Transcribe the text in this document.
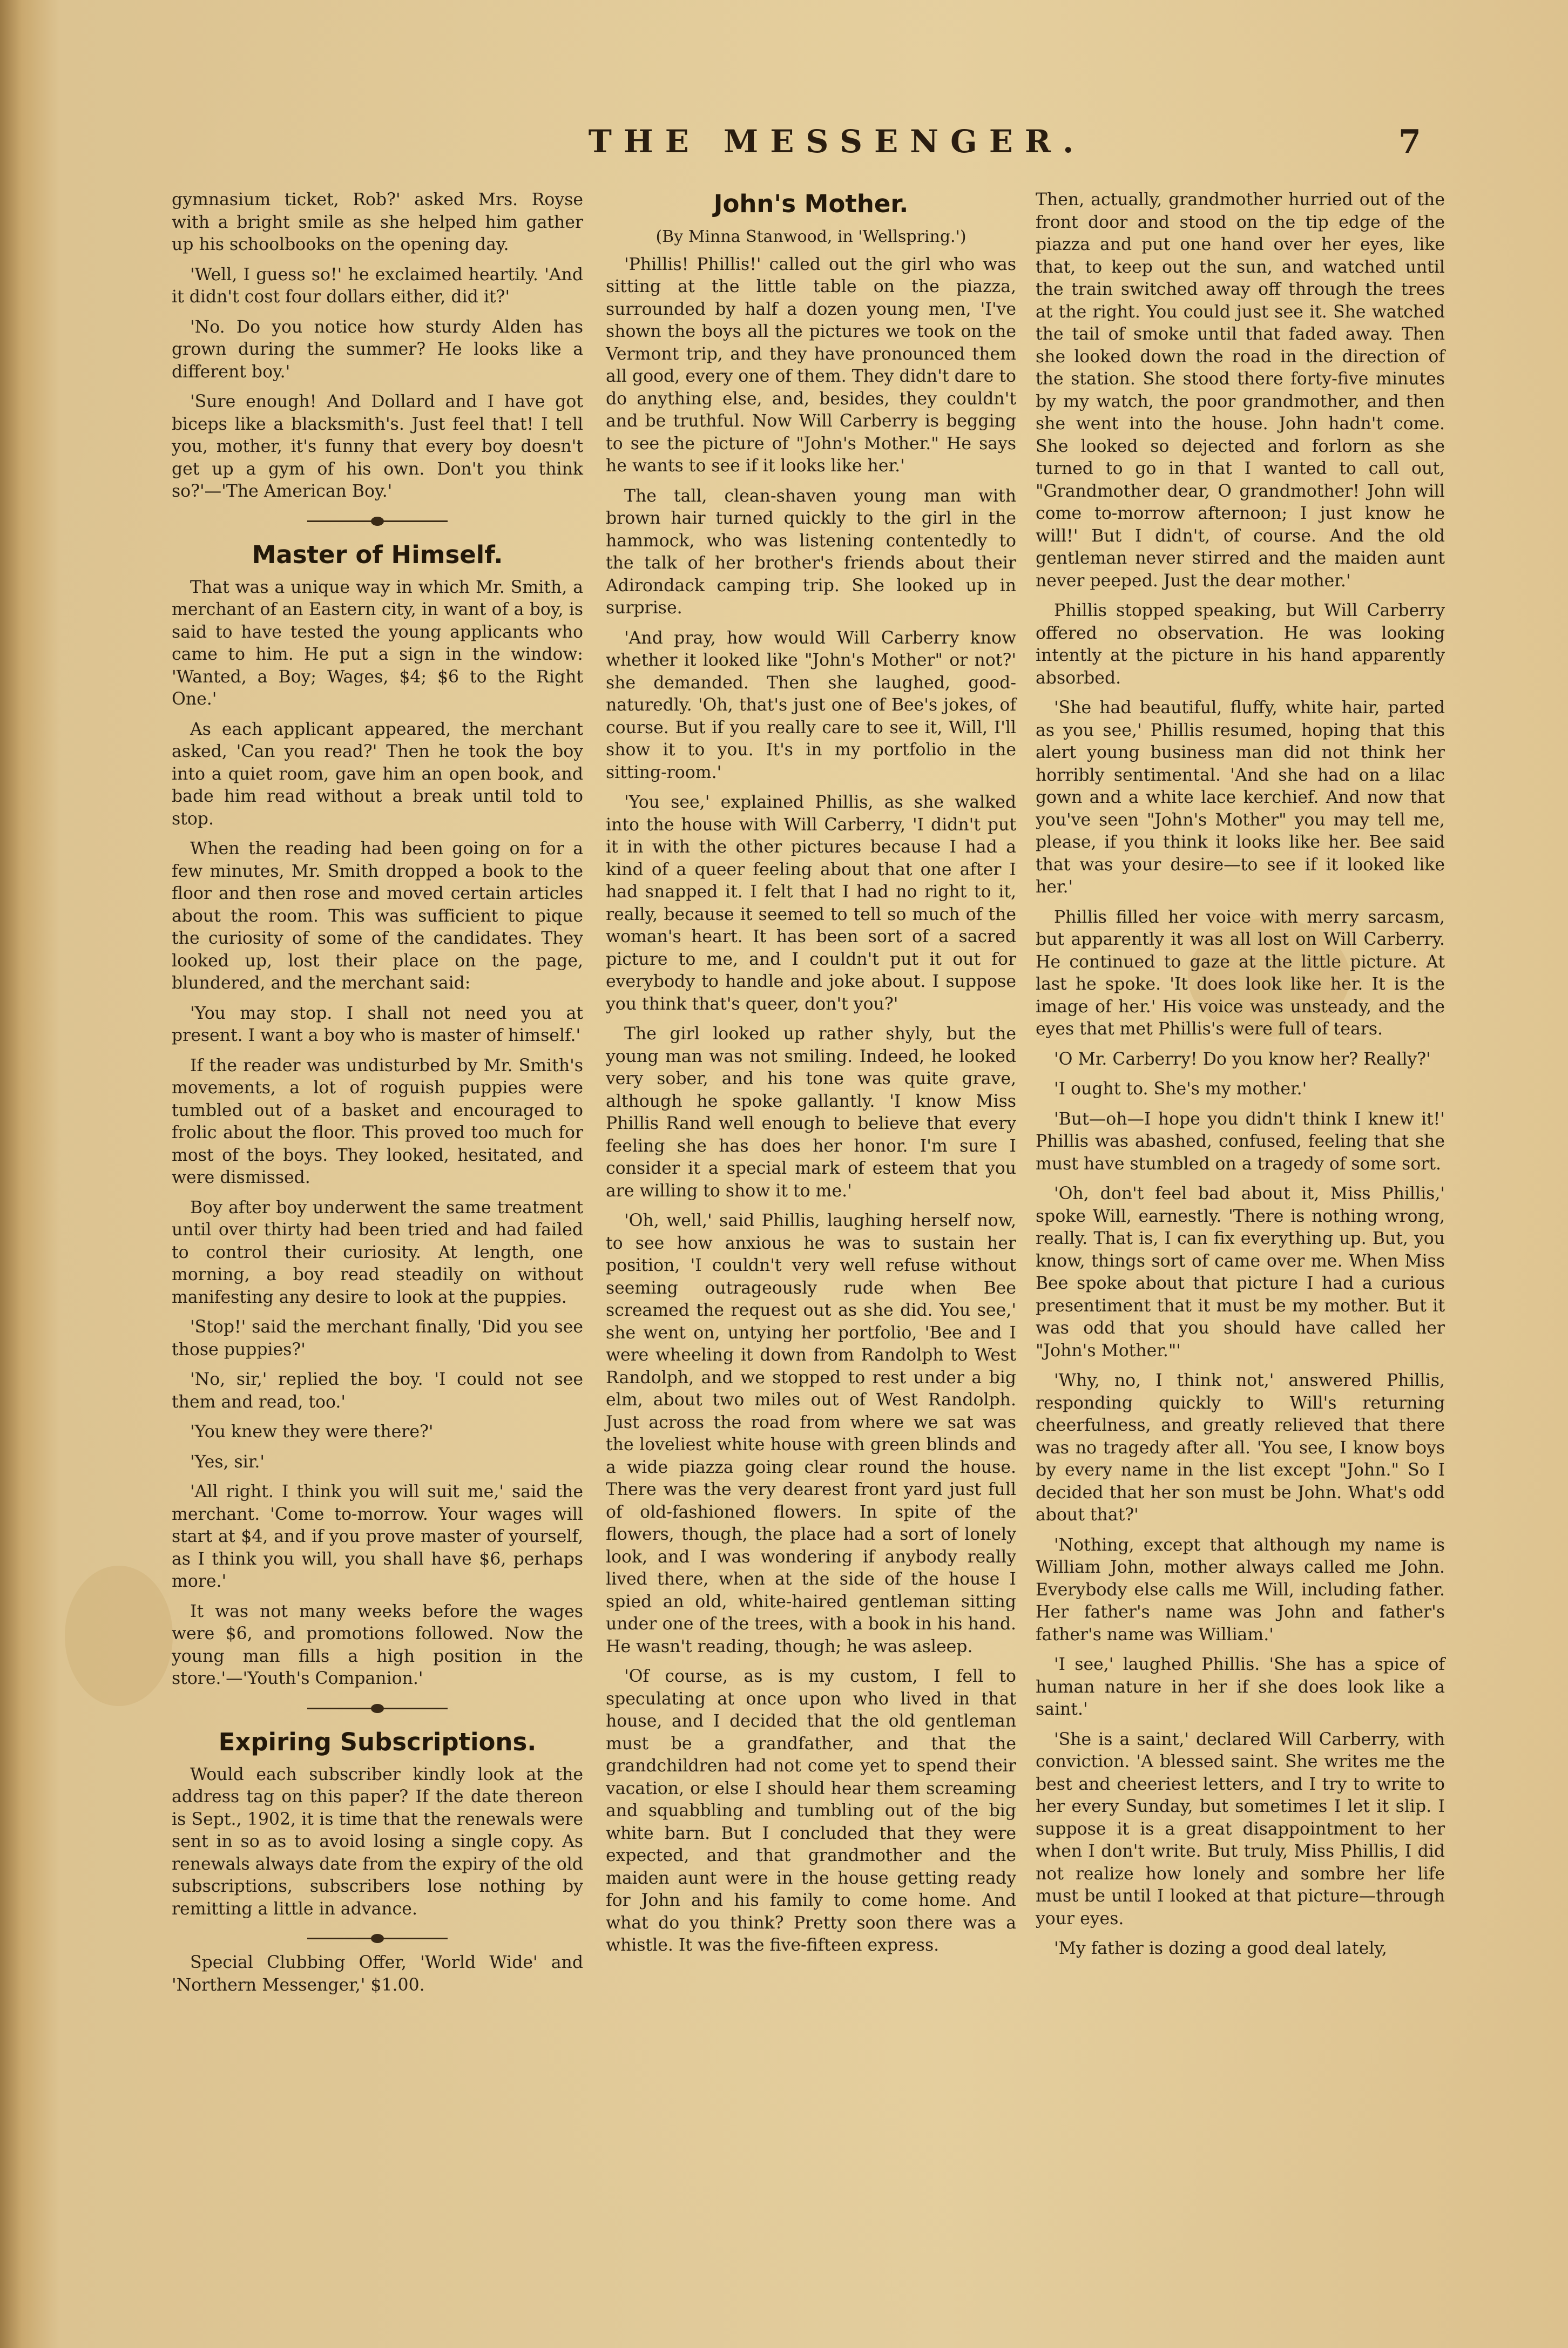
THE MESSENGER.	7

gymnasium ticket, Rob?' asked Mrs. Royse with a bright smile as she helped him gather up his schoolbooks on the opening day.

'Well, I guess so!' he exclaimed heartily. 'And it didn't cost four dollars either, did it?'

'No. Do you notice how sturdy Alden has grown during the summer? He looks like a different boy.'

'Sure enough! And Dollard and I have got biceps like a blacksmith's. Just feel that! I tell you, mother, it's funny that every boy doesn't get up a gym of his own. Don't you think so?'—'The American Boy.'

Master of Himself.

That was a unique way in which Mr. Smith, a merchant of an Eastern city, in want of a boy, is said to have tested the young applicants who came to him. He put a sign in the window: 'Wanted, a Boy; Wages, $4; $6 to the Right One.'

As each applicant appeared, the merchant asked, 'Can you read?' Then he took the boy into a quiet room, gave him an open book, and bade him read without a break until told to stop.

When the reading had been going on for a few minutes, Mr. Smith dropped a book to the floor and then rose and moved certain articles about the room. This was sufficient to pique the curiosity of some of the candidates. They looked up, lost their place on the page, blundered, and the merchant said:

'You may stop. I shall not need you at present. I want a boy who is master of himself.'

If the reader was undisturbed by Mr. Smith's movements, a lot of roguish puppies were tumbled out of a basket and encouraged to frolic about the floor. This proved too much for most of the boys. They looked, hesitated, and were dismissed.

Boy after boy underwent the same treatment until over thirty had been tried and had failed to control their curiosity. At length, one morning, a boy read steadily on without manifesting any desire to look at the puppies.

'Stop!' said the merchant finally, 'Did you see those puppies?'

'No, sir,' replied the boy. 'I could not see them and read, too.'

'You knew they were there?'

'Yes, sir.'

'All right. I think you will suit me,' said the merchant. 'Come to-morrow. Your wages will start at $4, and if you prove master of yourself, as I think you will, you shall have $6, perhaps more.'

It was not many weeks before the wages were $6, and promotions followed. Now the young man fills a high position in the store.'—'Youth's Companion.'

Expiring Subscriptions.

Would each subscriber kindly look at the address tag on this paper? If the date thereon is Sept., 1902, it is time that the renewals were sent in so as to avoid losing a single copy. As renewals always date from the expiry of the old subscriptions, subscribers lose nothing by remitting a little in advance.

Special Clubbing Offer, 'World Wide' and 'Northern Messenger,' $1.00.

John's Mother.

(By Minna Stanwood, in 'Wellspring.')

'Phillis! Phillis!' called out the girl who was sitting at the little table on the piazza, surrounded by half a dozen young men, 'I've shown the boys all the pictures we took on the Vermont trip, and they have pronounced them all good, every one of them. They didn't dare to do anything else, and, besides, they couldn't and be truthful. Now Will Carberry is begging to see the picture of "John's Mother." He says he wants to see if it looks like her.'

The tall, clean-shaven young man with brown hair turned quickly to the girl in the hammock, who was listening contentedly to the talk of her brother's friends about their Adirondack camping trip. She looked up in surprise.

'And pray, how would Will Carberry know whether it looked like "John's Mother" or not?' she demanded. Then she laughed, good-naturedly. 'Oh, that's just one of Bee's jokes, of course. But if you really care to see it, Will, I'll show it to you. It's in my portfolio in the sitting-room.'

'You see,' explained Phillis, as she walked into the house with Will Carberry, 'I didn't put it in with the other pictures because I had a kind of a queer feeling about that one after I had snapped it. I felt that I had no right to it, really, because it seemed to tell so much of the woman's heart. It has been sort of a sacred picture to me, and I couldn't put it out for everybody to handle and joke about. I suppose you think that's queer, don't you?'

The girl looked up rather shyly, but the young man was not smiling. Indeed, he looked very sober, and his tone was quite grave, although he spoke gallantly. 'I know Miss Phillis Rand well enough to believe that every feeling she has does her honor. I'm sure I consider it a special mark of esteem that you are willing to show it to me.'

'Oh, well,' said Phillis, laughing herself now, to see how anxious he was to sustain her position, 'I couldn't very well refuse without seeming outrageously rude when Bee screamed the request out as she did. You see,' she went on, untying her portfolio, 'Bee and I were wheeling it down from Randolph to West Randolph, and we stopped to rest under a big elm, about two miles out of West Randolph. Just across the road from where we sat was the loveliest white house with green blinds and a wide piazza going clear round the house. There was the very dearest front yard just full of old-fashioned flowers. In spite of the flowers, though, the place had a sort of lonely look, and I was wondering if anybody really lived there, when at the side of the house I spied an old, white-haired gentleman sitting under one of the trees, with a book in his hand. He wasn't reading, though; he was asleep.

'Of course, as is my custom, I fell to speculating at once upon who lived in that house, and I decided that the old gentleman must be a grandfather, and that the grandchildren had not come yet to spend their vacation, or else I should hear them screaming and squabbling and tumbling out of the big white barn. But I concluded that they were expected, and that grandmother and the maiden aunt were in the house getting ready for John and his family to come home. And what do you think? Pretty soon there was a whistle. It was the five-fifteen express.

Then, actually, grandmother hurried out of the front door and stood on the tip edge of the piazza and put one hand over her eyes, like that, to keep out the sun, and watched until the train switched away off through the trees at the right. You could just see it. She watched the tail of smoke until that faded away. Then she looked down the road in the direction of the station. She stood there forty-five minutes by my watch, the poor grandmother, and then she went into the house. John hadn't come. She looked so dejected and forlorn as she turned to go in that I wanted to call out, "Grandmother dear, O grandmother! John will come to-morrow afternoon; I just know he will!' But I didn't, of course. And the old gentleman never stirred and the maiden aunt never peeped. Just the dear mother.'

Phillis stopped speaking, but Will Carberry offered no observation. He was looking intently at the picture in his hand apparently absorbed.

'She had beautiful, fluffy, white hair, parted as you see,' Phillis resumed, hoping that this alert young business man did not think her horribly sentimental. 'And she had on a lilac gown and a white lace kerchief. And now that you've seen "John's Mother" you may tell me, please, if you think it looks like her. Bee said that was your desire—to see if it looked like her.'

Phillis filled her voice with merry sarcasm, but apparently it was all lost on Will Carberry. He continued to gaze at the little picture. At last he spoke. 'It does look like her. It is the image of her.' His voice was unsteady, and the eyes that met Phillis's were full of tears.

'O Mr. Carberry! Do you know her? Really?'

'I ought to. She's my mother.'

'But—oh—I hope you didn't think I knew it!' Phillis was abashed, confused, feeling that she must have stumbled on a tragedy of some sort.

'Oh, don't feel bad about it, Miss Phillis,' spoke Will, earnestly. 'There is nothing wrong, really. That is, I can fix everything up. But, you know, things sort of came over me. When Miss Bee spoke about that picture I had a curious presentiment that it must be my mother. But it was odd that you should have called her "John's Mother."'

'Why, no, I think not,' answered Phillis, responding quickly to Will's returning cheerfulness, and greatly relieved that there was no tragedy after all. 'You see, I know boys by every name in the list except "John." So I decided that her son must be John. What's odd about that?'

'Nothing, except that although my name is William John, mother always called me John. Everybody else calls me Will, including father. Her father's name was John and father's father's name was William.'

'I see,' laughed Phillis. 'She has a spice of human nature in her if she does look like a saint.'

'She is a saint,' declared Will Carberry, with conviction. 'A blessed saint. She writes me the best and cheeriest letters, and I try to write to her every Sunday, but sometimes I let it slip. I suppose it is a great disappointment to her when I don't write. But truly, Miss Phillis, I did not realize how lonely and sombre her life must be until I looked at that picture—through your eyes.

'My father is dozing a good deal lately,
